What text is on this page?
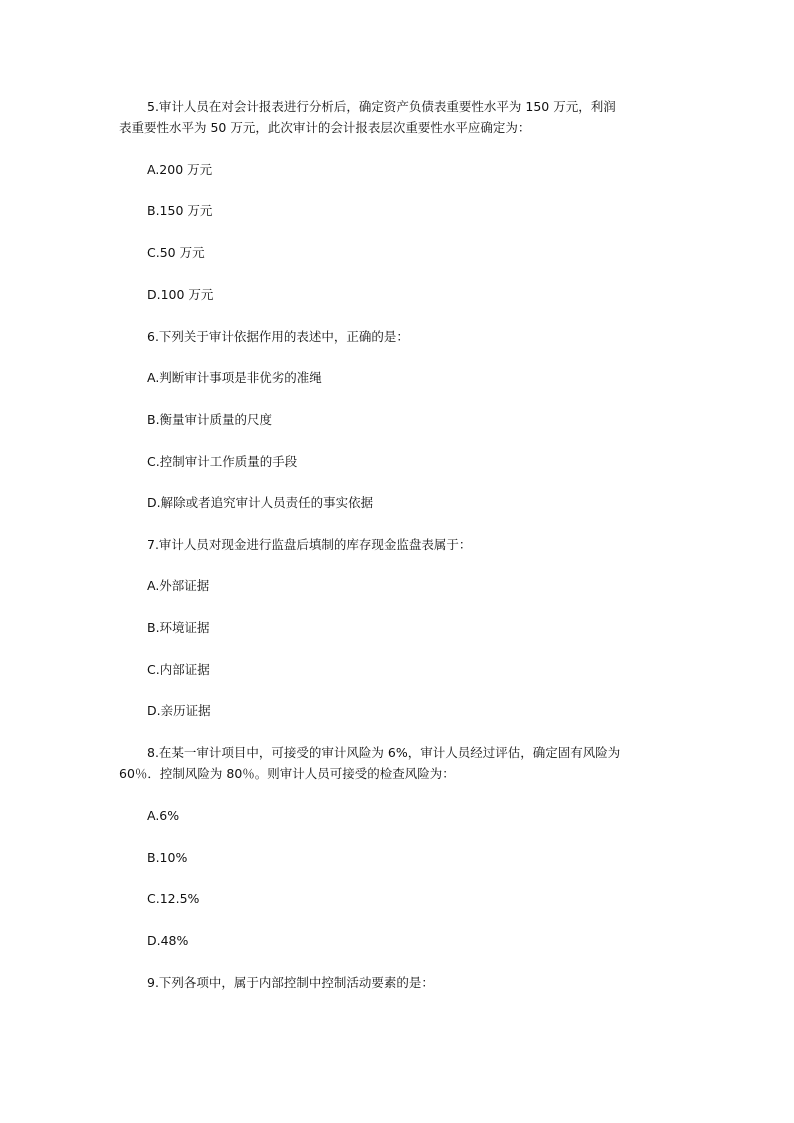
5.审计人员在对会计报表进行分析后，确定资产负债表重要性水平为 150 万元，利润
表重要性水平为 50 万元，此次审计的会计报表层次重要性水平应确定为：
A.200 万元
B.150 万元
C.50 万元
D.100 万元
6.下列关于审计依据作用的表述中，正确的是：
A.判断审计事项是非优劣的准绳
B.衡量审计质量的尺度
C.控制审计工作质量的手段
D.解除或者追究审计人员责任的事实依据
7.审计人员对现金进行监盘后填制的库存现金监盘表属于：
A.外部证据
B.环境证据
C.内部证据
D.亲历证据
8.在某一审计项目中，可接受的审计风险为 6%，审计人员经过评估，确定固有风险为
60％．控制风险为 80％。则审计人员可接受的检查风险为：
A.6%
B.10%
C.12.5%
D.48%
9.下列各项中，属于内部控制中控制活动要素的是：
